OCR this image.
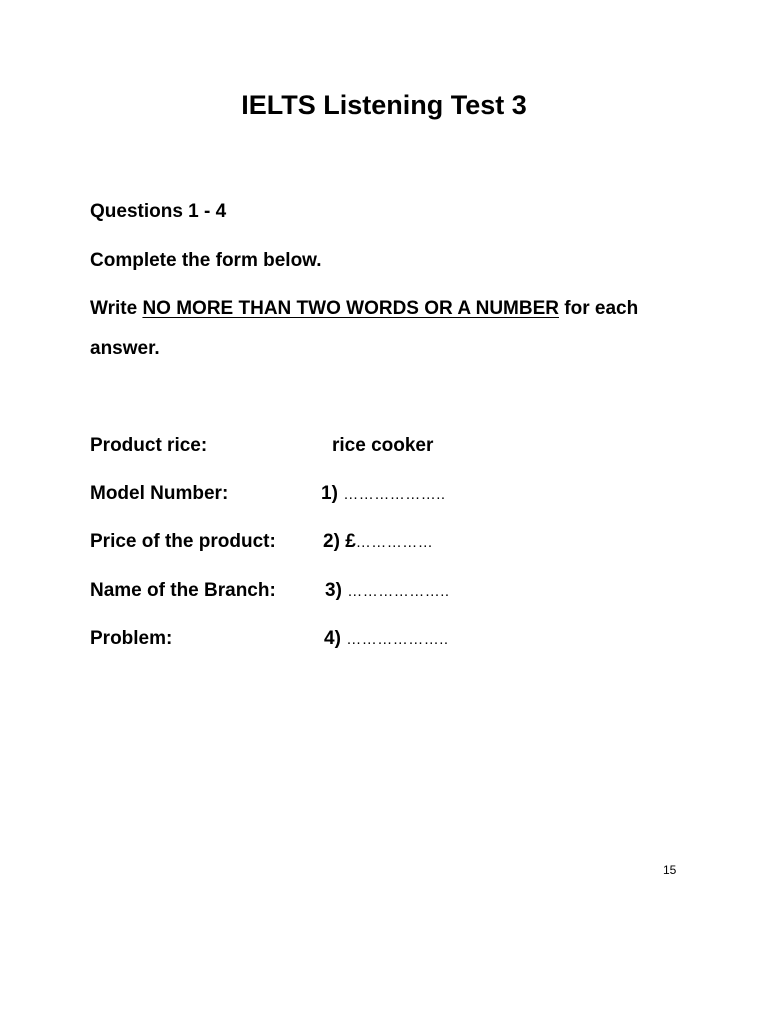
IELTS Listening Test 3
Questions 1 - 4
Complete the form below.
Write NO MORE THAN TWO WORDS OR A NUMBER for each
answer.
Product rice:	rice cooker
Model Number:	1) ………………..
Price of the product: 2) £……………
Name of the Branch:	3) ………………..
Problem:	4) ………………..
15
